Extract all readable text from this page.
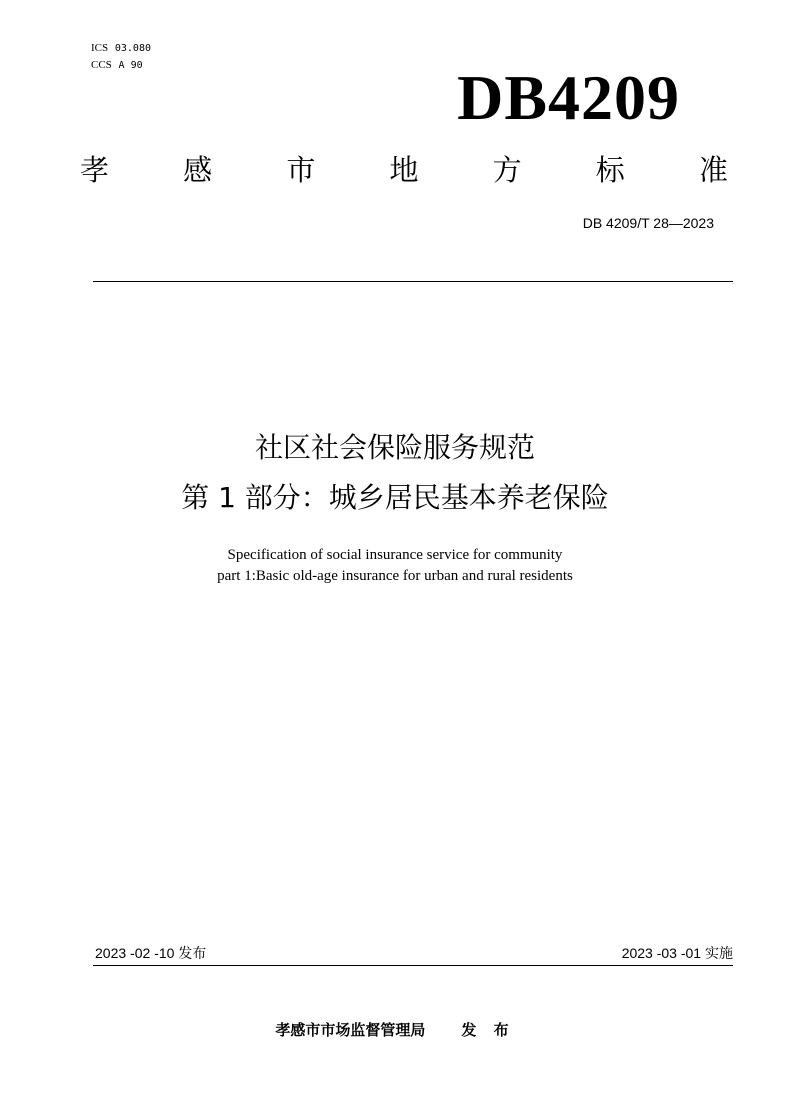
ICS 03.080
CCS A 90	DB4209
孝	感	市	地	方	标	准
DB 4209/T 28—2023
社区社会保险服务规范
第 1 部分：城乡居民基本养老保险
Specification of social insurance service for community
part 1:Basic old-age insurance for urban and rural residents
2023 -02 -10 发布	2023 -03 -01 实施
孝感市市场监督管理局 发 布
